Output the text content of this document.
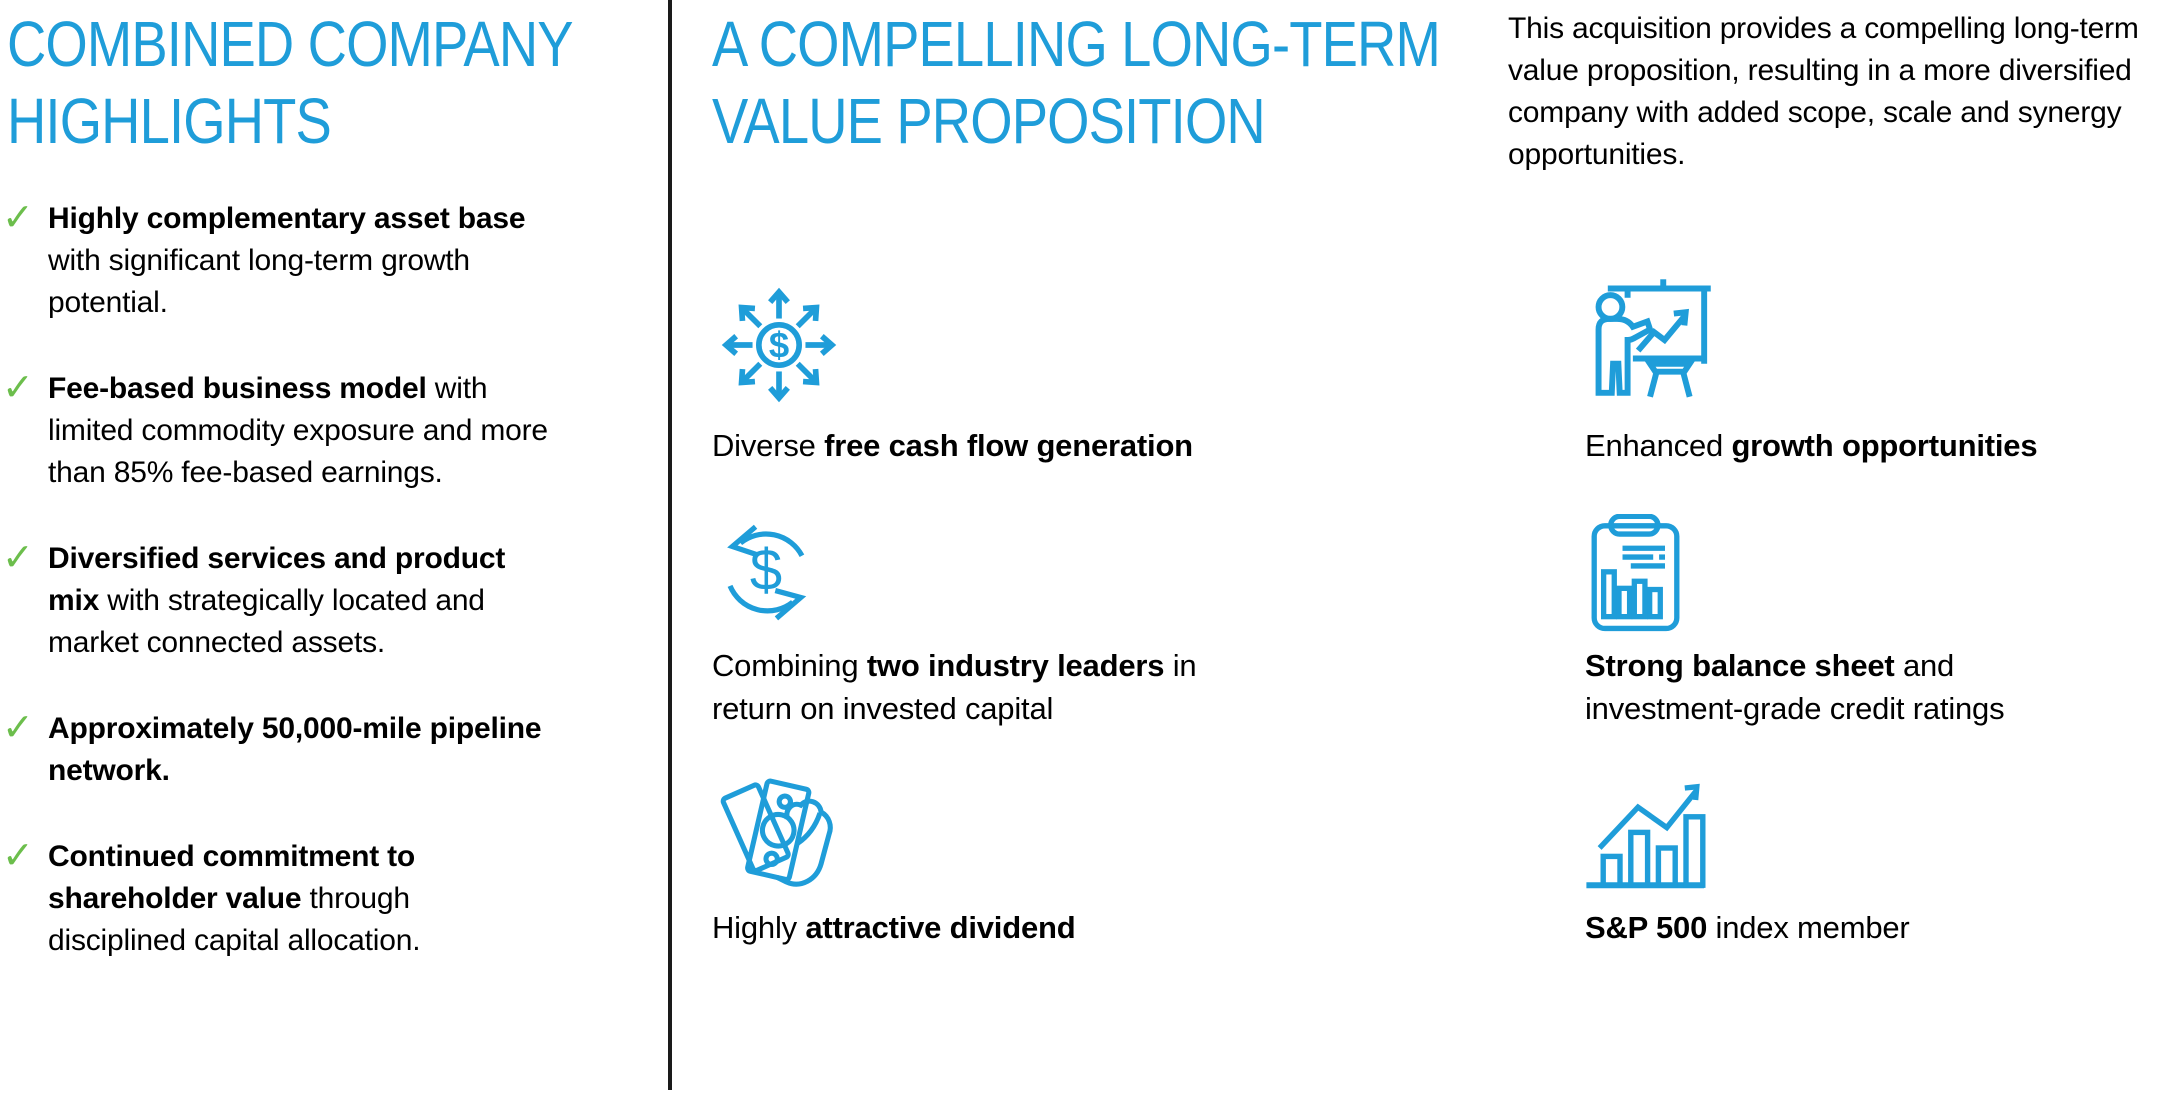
COMBINED COMPANY
HIGHLIGHTS
✓ Highly complementary asset base with significant long-term growth potential.

✓ Fee-based business model with limited commodity exposure and more than 85% fee-based earnings.

✓ Diversified services and product mix with strategically located and market connected assets.

✓ Approximately 50,000-mile pipeline network.

✓ Continued commitment to shareholder value through disciplined capital allocation.

A COMPELLING LONG-TERM
VALUE PROPOSITION
$

Diverse free cash flow generation

$

Combining two industry leaders in return on invested capital

Highly attractive dividend

This acquisition provides a compelling long-term value proposition, resulting in a more diversified company with added scope, scale and synergy opportunities.

Enhanced growth opportunities

Strong balance sheet and investment-grade credit ratings

S&P 500 index member
